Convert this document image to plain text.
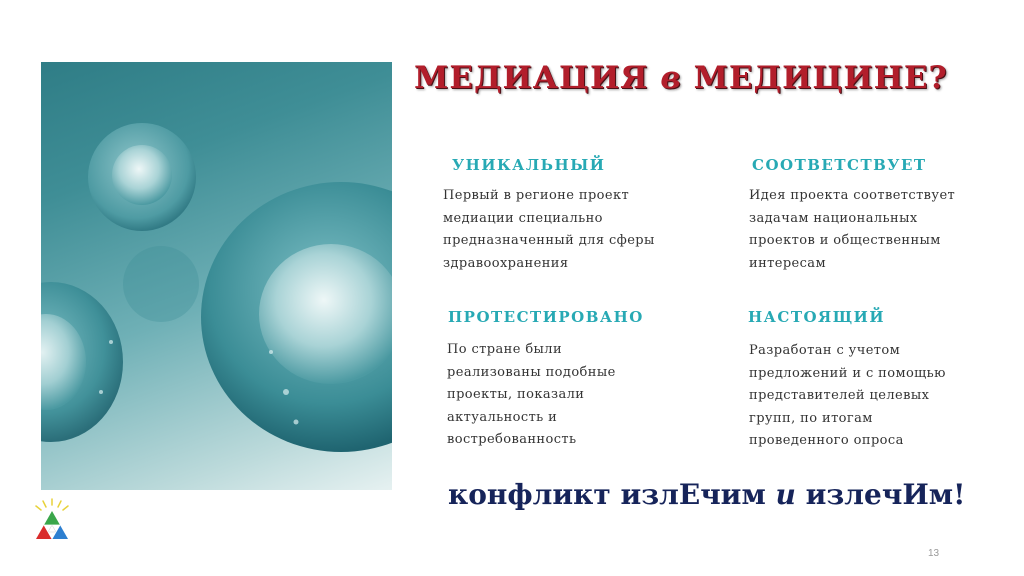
МЕДИАЦИЯ в МЕДИЦИНЕ?
УНИКАЛЬНЫЙ
Первый в регионе проект
медиации специально
предназначенный для сферы
здравоохранения
СООТВЕТСТВУЕТ
Идея проекта соответствует
задачам национальных
проектов и общественным
интересам
ПРОТЕСТИРОВАНО
По стране были
реализованы подобные
проекты, показали
актуальность и
востребованность
НАСТОЯЩИЙ
Разработан с учетом
предложений и с помощью
представителей целевых
групп, по итогам
проведенного опроса
конфликт излЕчим и излечИм!
13
